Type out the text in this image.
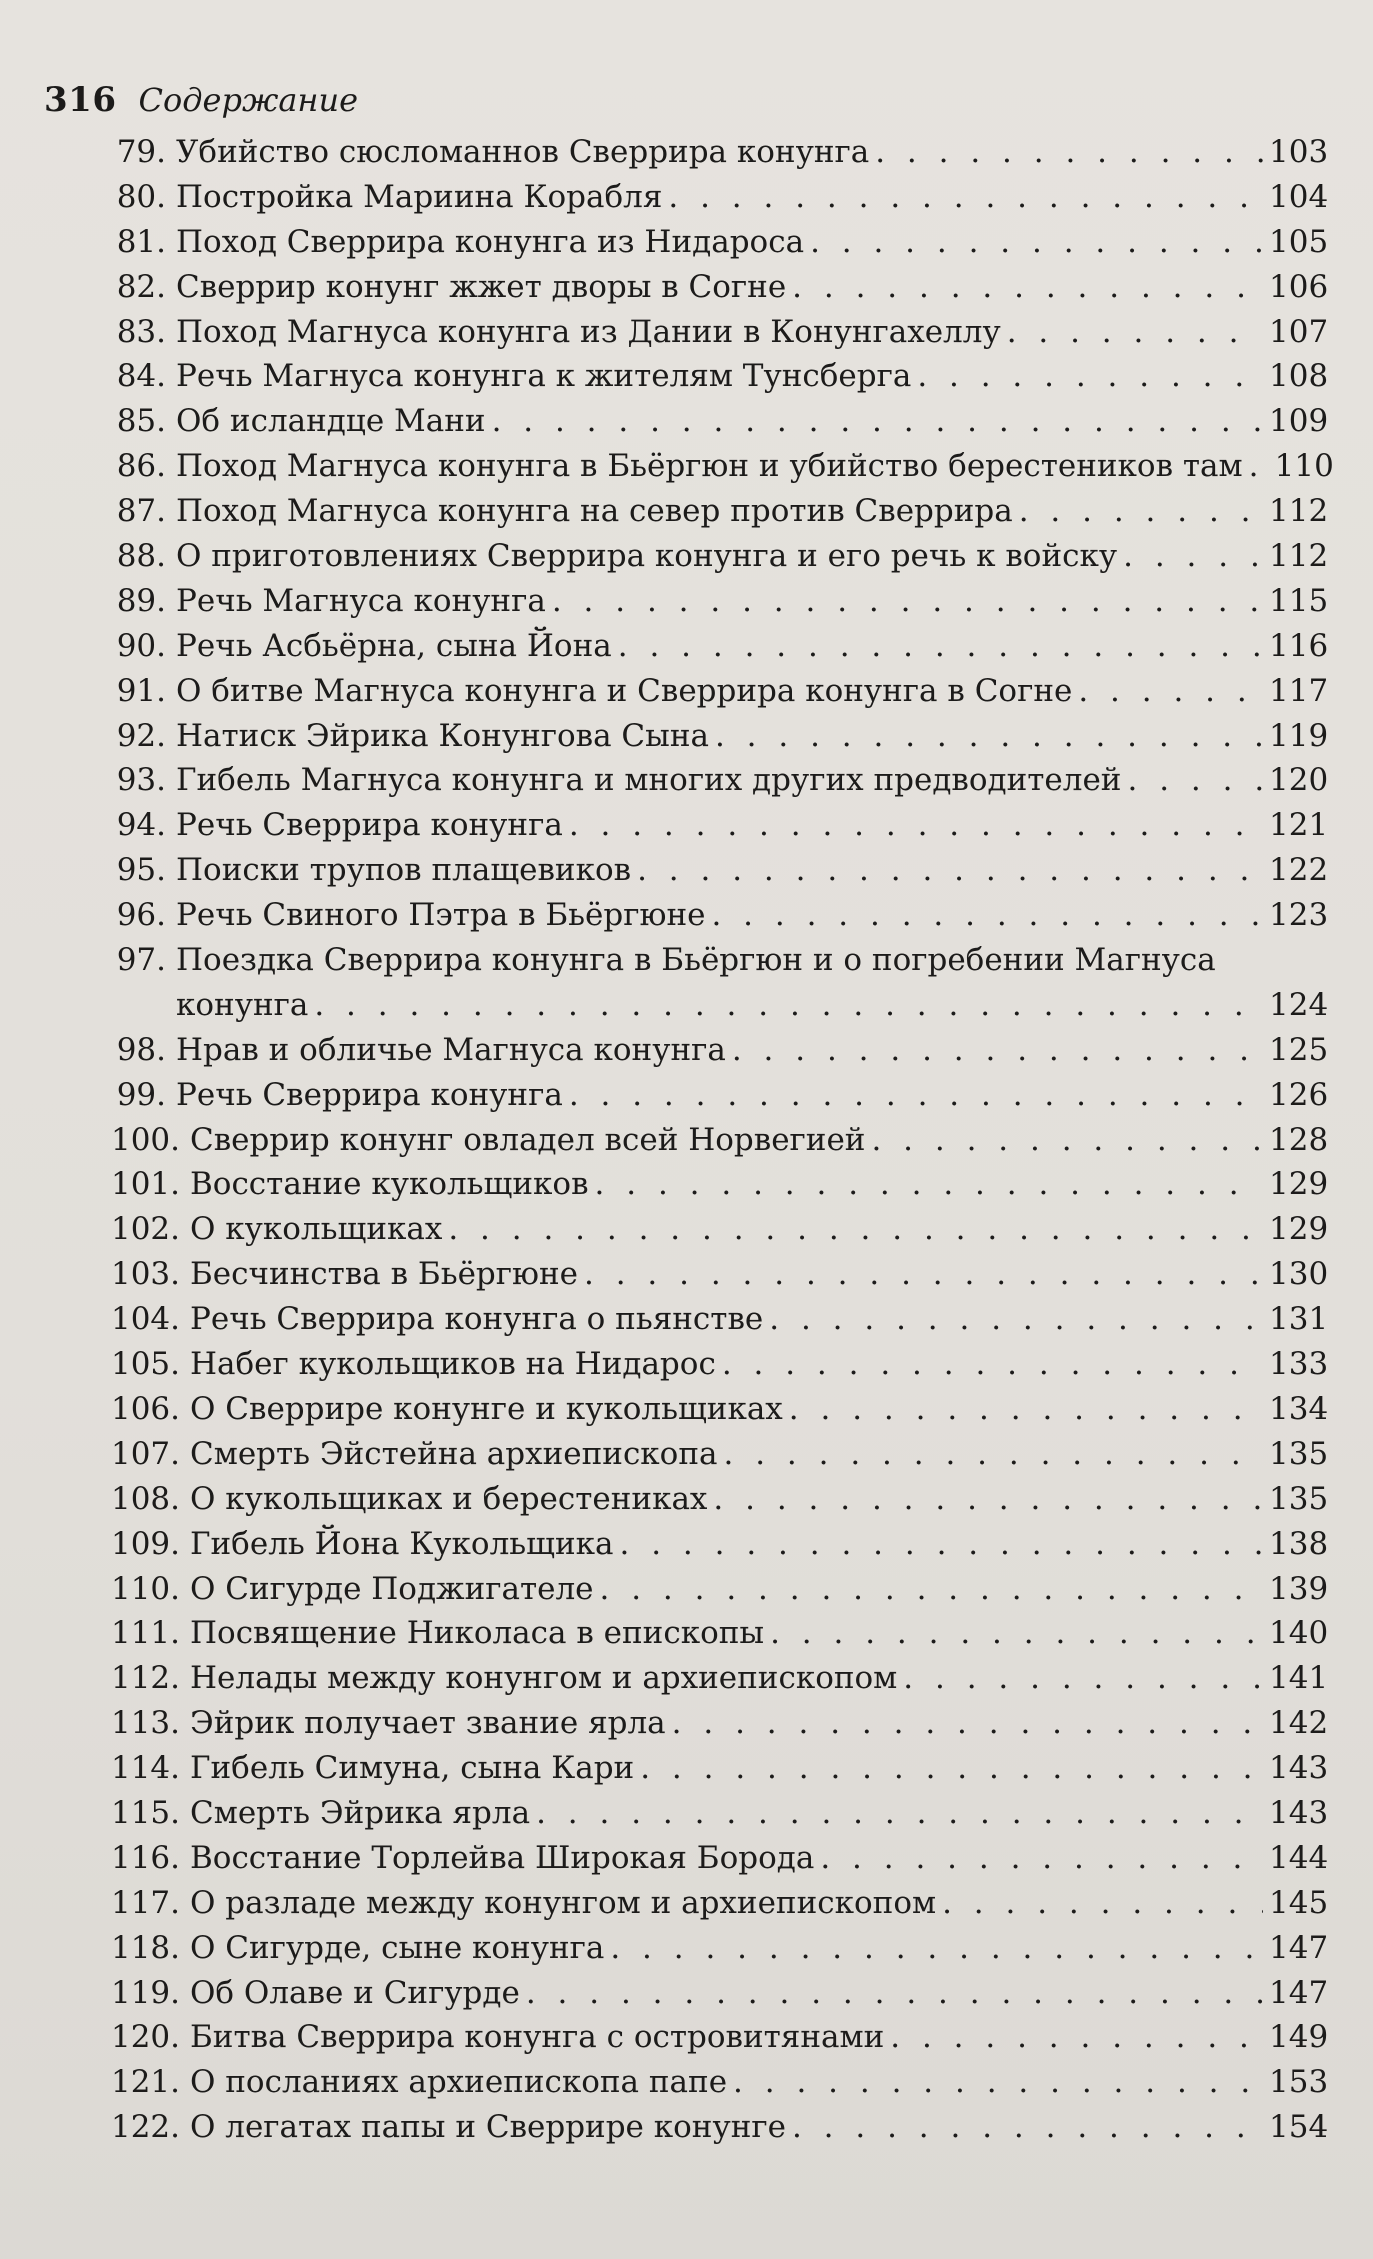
316 Содержание
79. Убийство сюсломаннов Сверрира конунга . . .	103
80. Постройка Мариина Корабля . . .	104
81. Поход Сверрира конунга из Нидароса . . .	105
82. Сверрир конунг жжет дворы в Согне . . .	106
83. Поход Магнуса конунга из Дании в Конунгахеллу . . .	107
84. Речь Магнуса конунга к жителям Тунсберга . . .	108
85. Об исландце Мани . . .	109
86. Поход Магнуса конунга в Бьёргюн и убийство берестеников там . . . 110
87. Поход Магнуса конунга на север против Сверрира . . .	112
88. О приготовлениях Сверрира конунга и его речь к войску . . .	112
89. Речь Магнуса конунга . . .	115
90. Речь Асбьёрна, сына Йона . . .	116
91. О битве Магнуса конунга и Сверрира конунга в Согне . . .	117
92. Натиск Эйрика Конунгова Сына . . .	119
93. Гибель Магнуса конунга и многих других предводителей . . .	120
94. Речь Сверрира конунга . . .	121
95. Поиски трупов плащевиков . . .	122
96. Речь Свиного Пэтра в Бьёргюне . . .	123
97. Поездка Сверрира конунга в Бьёргюн и о погребении Магнуса
конунга . . .	124
98. Нрав и обличье Магнуса конунга . . .	125
99. Речь Сверрира конунга . . .	126
100. Сверрир конунг овладел всей Норвегией . . .	128
101. Восстание кукольщиков . . .	129
102. О кукольщиках . . .	129
103. Бесчинства в Бьёргюне . . .	130
104. Речь Сверрира конунга о пьянстве . . .	131
105. Набег кукольщиков на Нидарос . . .	133
106. О Сверрире конунге и кукольщиках . . .	134
107. Смерть Эйстейна архиепископа . . .	135
108. О кукольщиках и берестениках . . .	135
109. Гибель Йона Кукольщика . . .	138
110. О Сигурде Поджигателе . . .	139
111. Посвящение Николаса в епископы . . .	140
112. Нелады между конунгом и архиепископом . . .	141
113. Эйрик получает звание ярла . . .	142
114. Гибель Симуна, сына Кари . . .	143
115. Смерть Эйрика ярла . . .	143
116. Восстание Торлейва Широкая Борода . . .	144
117. О разладе между конунгом и архиепископом . . .	145
118. О Сигурде, сыне конунга . . .	147
119. Об Олаве и Сигурде . . .	147
120. Битва Сверрира конунга с островитянами . . .	149
121. О посланиях архиепископа папе . . .	153
122. О легатах папы и Сверрире конунге . . .	154
